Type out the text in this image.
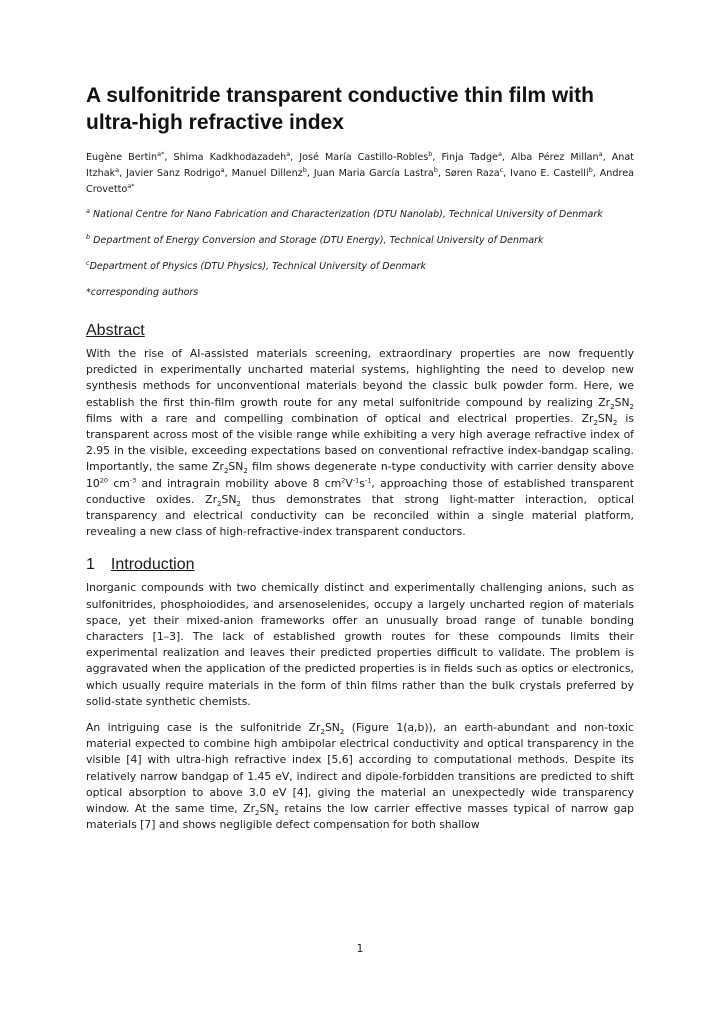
A sulfonitride transparent conductive thin film with ultra-high refractive index
Eugène Bertin$^{a*}$, Shima Kadkhodazadeh$^a$, José María Castillo-Robles$^b$, Finja Tadge$^a$, Alba Pérez Millan$^a$, Anat Itzhak$^a$, Javier Sanz Rodrigo$^a$, Manuel Dillenz$^b$, Juan Maria García Lastra$^b$, Søren Raza$^c$, Ivano E. Castelli$^b$, Andrea Crovetto$^{a*}$
$^a$ National Centre for Nano Fabrication and Characterization (DTU Nanolab), Technical University of Denmark
$^b$ Department of Energy Conversion and Storage (DTU Energy), Technical University of Denmark
$^c$Department of Physics (DTU Physics), Technical University of Denmark
*corresponding authors
Abstract

With the rise of AI-assisted materials screening, extraordinary properties are now frequently predicted in experimentally uncharted material systems, highlighting the need to develop new synthesis methods for unconventional materials beyond the classic bulk powder form. Here, we establish the first thin-film growth route for any metal sulfonitride compound by realizing $Zr_2SN_2$ films with a rare and compelling combination of optical and electrical properties. $Zr_2SN_2$ is transparent across most of the visible range while exhibiting a very high average refractive index of 2.95 in the visible, exceeding expectations based on conventional refractive index-bandgap scaling. Importantly, the same $Zr_2SN_2$ film shows degenerate n-type conductivity with carrier density above $10^{20}$ $cm^{-3}$ and intragrain mobility above 8 $cm^2V^{-1}s^{-1}$, approaching those of established transparent conductive oxides. $Zr_2SN_2$ thus demonstrates that strong light-matter interaction, optical transparency and electrical conductivity can be reconciled within a single material platform, revealing a new class of high-refractive-index transparent conductors.

1 Introduction

Inorganic compounds with two chemically distinct and experimentally challenging anions, such as sulfonitrides, phosphoiodides, and arsenoselenides, occupy a largely uncharted region of materials space, yet their mixed-anion frameworks offer an unusually broad range of tunable bonding characters [1–3]. The lack of established growth routes for these compounds limits their experimental realization and leaves their predicted properties difficult to validate. The problem is aggravated when the application of the predicted properties is in fields such as optics or electronics, which usually require materials in the form of thin films rather than the bulk crystals preferred by solid-state synthetic chemists.

An intriguing case is the sulfonitride $Zr_2SN_2$ (Figure 1(a,b)), an earth-abundant and non-toxic material expected to combine high ambipolar electrical conductivity and optical transparency in the visible [4] with ultra-high refractive index [5,6] according to computational methods. Despite its relatively narrow bandgap of 1.45 eV, indirect and dipole-forbidden transitions are predicted to shift optical absorption to above 3.0 eV [4], giving the material an unexpectedly wide transparency window. At the same time, $Zr_2SN_2$ retains the low carrier effective masses typical of narrow gap materials [7] and shows negligible defect compensation for both shallow

1
